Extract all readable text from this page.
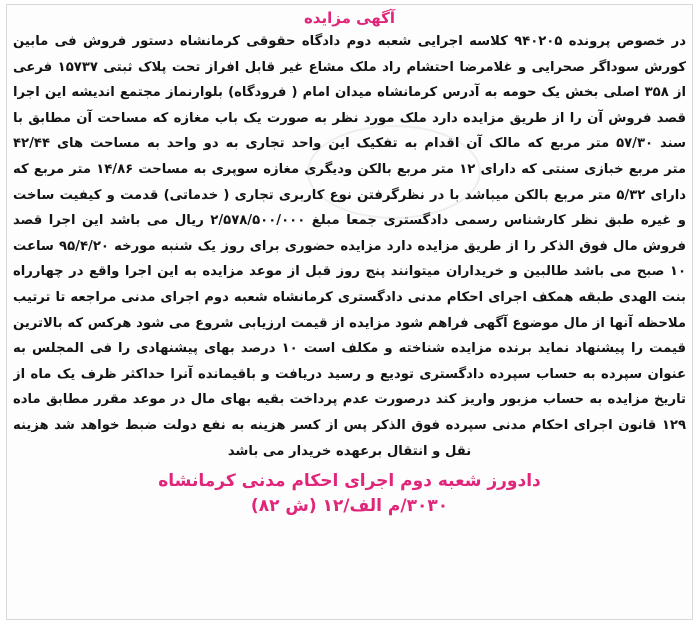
آگهی مزایده
در خصوص پرونده ۹۴۰۲۰۵ کلاسه اجرایی شعبه دوم دادگاه حقوقی کرمانشاه دستور فروش فی مابین
کورش سوداگر صحرایی و غلامرضا احتشام راد ملک مشاع غیر قابل افراز تحت پلاک ثبتی ۱۵۷۳۷ فرعی
از ۳۵۸ اصلی بخش یک حومه به آدرس کرمانشاه میدان امام ( فرودگاه) بلوارنماز مجتمع اندیشه این اجرا
قصد فروش آن را از طریق مزایده دارد ملک مورد نظر به صورت یک باب مغازه که مساحت آن مطابق با
سند ۵۷/۳۰ متر مربع که مالک آن اقدام به تفکیک این واحد تجاری به دو واحد به مساحت های ۴۲/۴۴
متر مربع خبازی سنتی که دارای ۱۲ متر مربع بالکن ودیگری مغازه سوپری به مساحت ۱۴/۸۶ متر مربع که
دارای ۵/۳۲ متر مربع بالکن میباشد با در نظرگرفتن نوع کاربری تجاری ( خدماتی) قدمت و کیفیت ساخت
و غیره طبق نظر کارشناس رسمی دادگستری جمعا مبلغ ۲/۵۷۸/۵۰۰/۰۰۰ ریال می باشد این اجرا قصد
فروش مال فوق الذکر را از طریق مزایده دارد مزایده حضوری برای روز یک شنبه مورخه ۹۵/۴/۲۰ ساعت
۱۰ صبح می باشد طالبین و خریداران میتوانند پنج روز قبل از موعد مزایده به این اجرا واقع در چهارراه
بنت الهدی طبقه همکف اجرای احکام مدنی دادگستری کرمانشاه شعبه دوم اجرای مدنی مراجعه تا ترتیب
ملاحظه آنها از مال موضوع آگهی فراهم شود مزایده از قیمت ارزیابی شروع می شود هرکس که بالاترین
قیمت را پیشنهاد نماید برنده مزایده شناخته و مکلف است ۱۰ درصد بهای پیشنهادی را فی المجلس به
عنوان سپرده به حساب سپرده دادگستری تودیع و رسید دریافت و باقیمانده آنرا حداکثر ظرف یک ماه از
تاریخ مزایده به حساب مزبور واریز کند درصورت عدم پرداخت بقیه بهای مال در موعد مقرر مطابق ماده
۱۲۹ قانون اجرای احکام مدنی سپرده فوق الذکر پس از کسر هزینه به نفع دولت ضبط خواهد شد هزینه
نقل و انتقال برعهده خریدار می باشد
دادورز شعبه دوم اجرای احکام مدنی کرمانشاه
۳۰۳۰/م الف/۱۲ (ش ۸۲)
